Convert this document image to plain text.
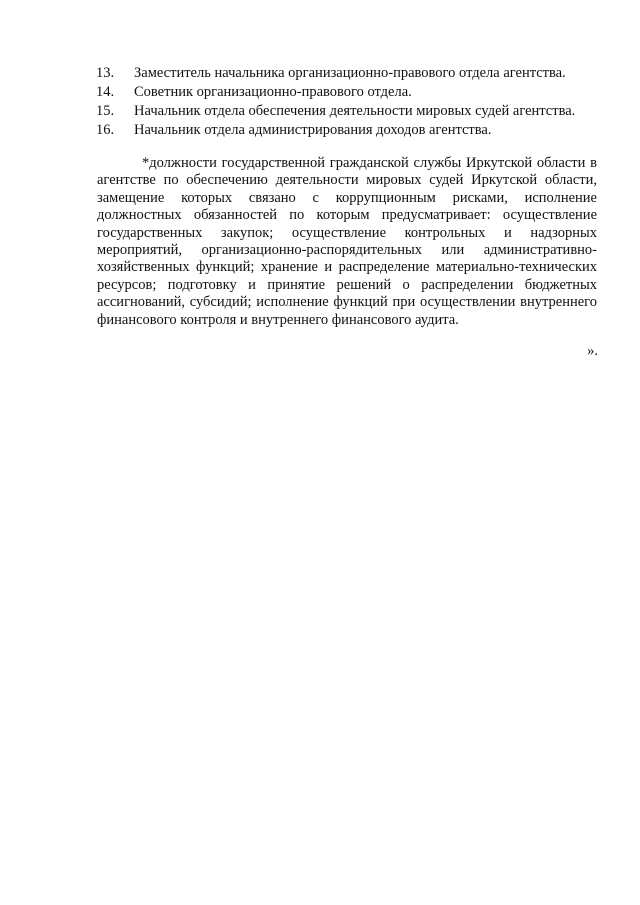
13.	Заместитель начальника организационно-правового отдела агентства.
14.	Советник организационно-правового отдела.
15.	Начальник отдела обеспечения деятельности мировых судей агентства.
16.	Начальник отдела администрирования доходов агентства.

*должности государственной гражданской службы Иркутской области в агентстве по обеспечению деятельности мировых судей Иркутской области, замещение которых связано с коррупционным рисками, исполнение должностных обязанностей по которым предусматривает: осуществление государственных закупок; осуществление контрольных и надзорных мероприятий, организационно-распорядительных или административно-хозяйственных функций; хранение и распределение материально-технических ресурсов; подготовку и принятие решений о распределении бюджетных ассигнований, субсидий; исполнение функций при осуществлении внутреннего финансового контроля и внутреннего финансового аудита.

».
